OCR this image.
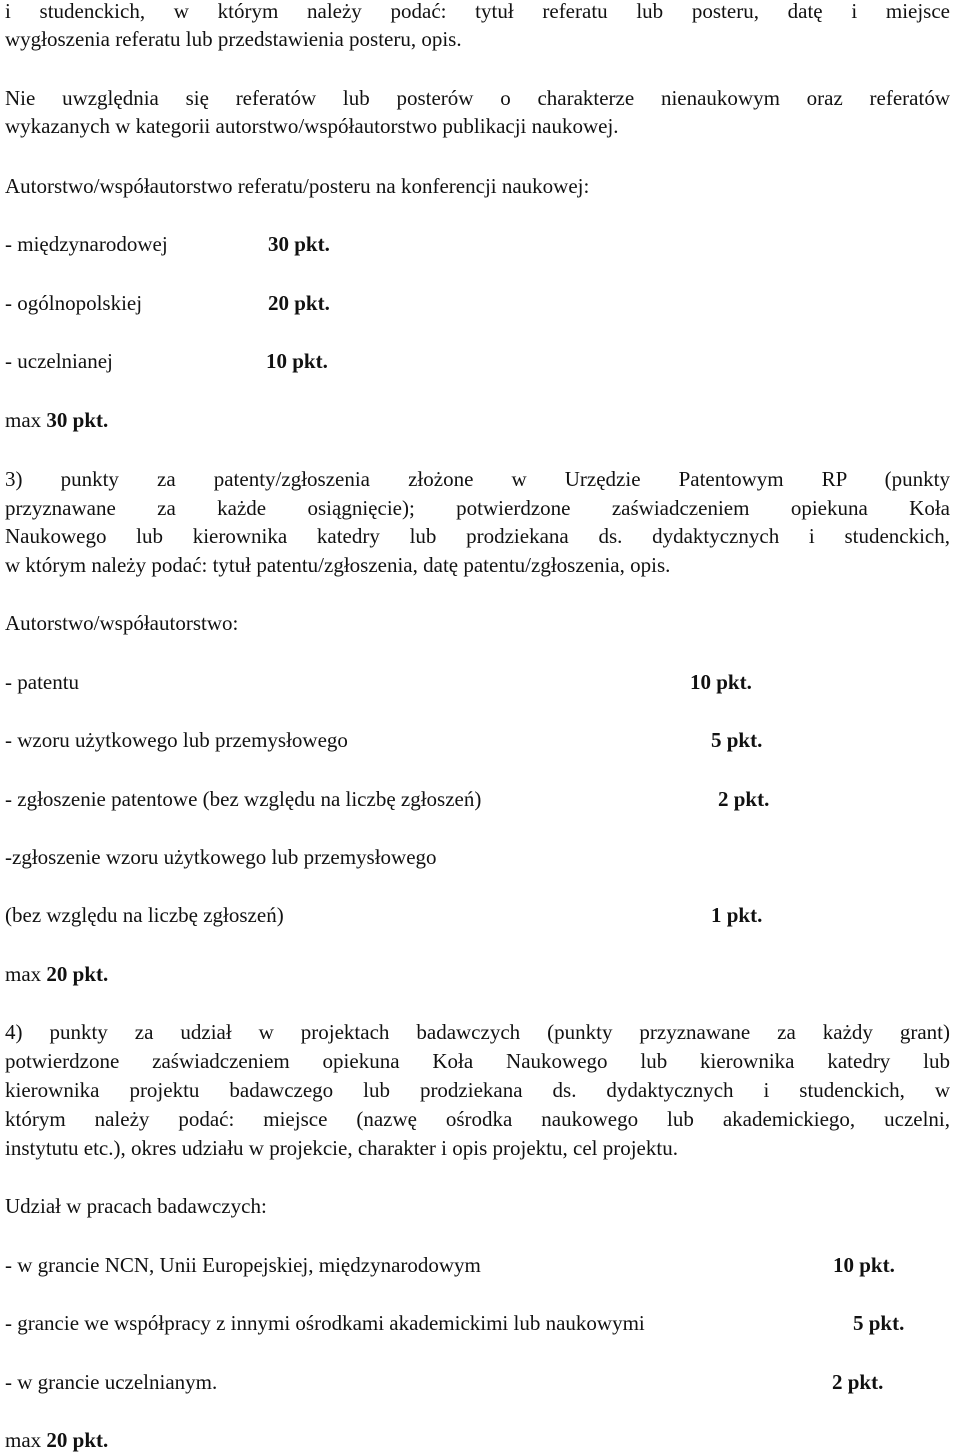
i studenckich, w którym należy podać: tytuł referatu lub posteru, datę i miejsce
wygłoszenia referatu lub przedstawienia posteru, opis.
Nie uwzględnia się referatów lub posterów o charakterze nienaukowym oraz referatów
wykazanych w kategorii autorstwo/współautorstwo publikacji naukowej.
Autorstwo/współautorstwo referatu/posteru na konferencji naukowej:
- międzynarodowej	30 pkt.
- ogólnopolskiej	20 pkt.
- uczelnianej	10 pkt.
max 30 pkt.
3) punkty za patenty/zgłoszenia złożone w Urzędzie Patentowym RP (punkty
przyznawane za każde osiągnięcie); potwierdzone zaświadczeniem opiekuna Koła
Naukowego lub kierownika katedry lub prodziekana ds. dydaktycznych i studenckich,
w którym należy podać: tytuł patentu/zgłoszenia, datę patentu/zgłoszenia, opis.
Autorstwo/współautorstwo:
- patentu	10 pkt.
- wzoru użytkowego lub przemysłowego	5 pkt.
- zgłoszenie patentowe (bez względu na liczbę zgłoszeń)	2 pkt.
-zgłoszenie wzoru użytkowego lub przemysłowego
(bez względu na liczbę zgłoszeń)	1 pkt.
max 20 pkt.
4) punkty za udział w projektach badawczych (punkty przyznawane za każdy grant)
potwierdzone zaświadczeniem opiekuna Koła Naukowego lub kierownika katedry lub
kierownika projektu badawczego lub prodziekana ds. dydaktycznych i studenckich, w
którym należy podać: miejsce (nazwę ośrodka naukowego lub akademickiego, uczelni,
instytutu etc.), okres udziału w projekcie, charakter i opis projektu, cel projektu.
Udział w pracach badawczych:
- w grancie NCN, Unii Europejskiej, międzynarodowym	10 pkt.
- grancie we współpracy z innymi ośrodkami akademickimi lub naukowymi	5 pkt.
- w grancie uczelnianym.	2 pkt.
max 20 pkt.
